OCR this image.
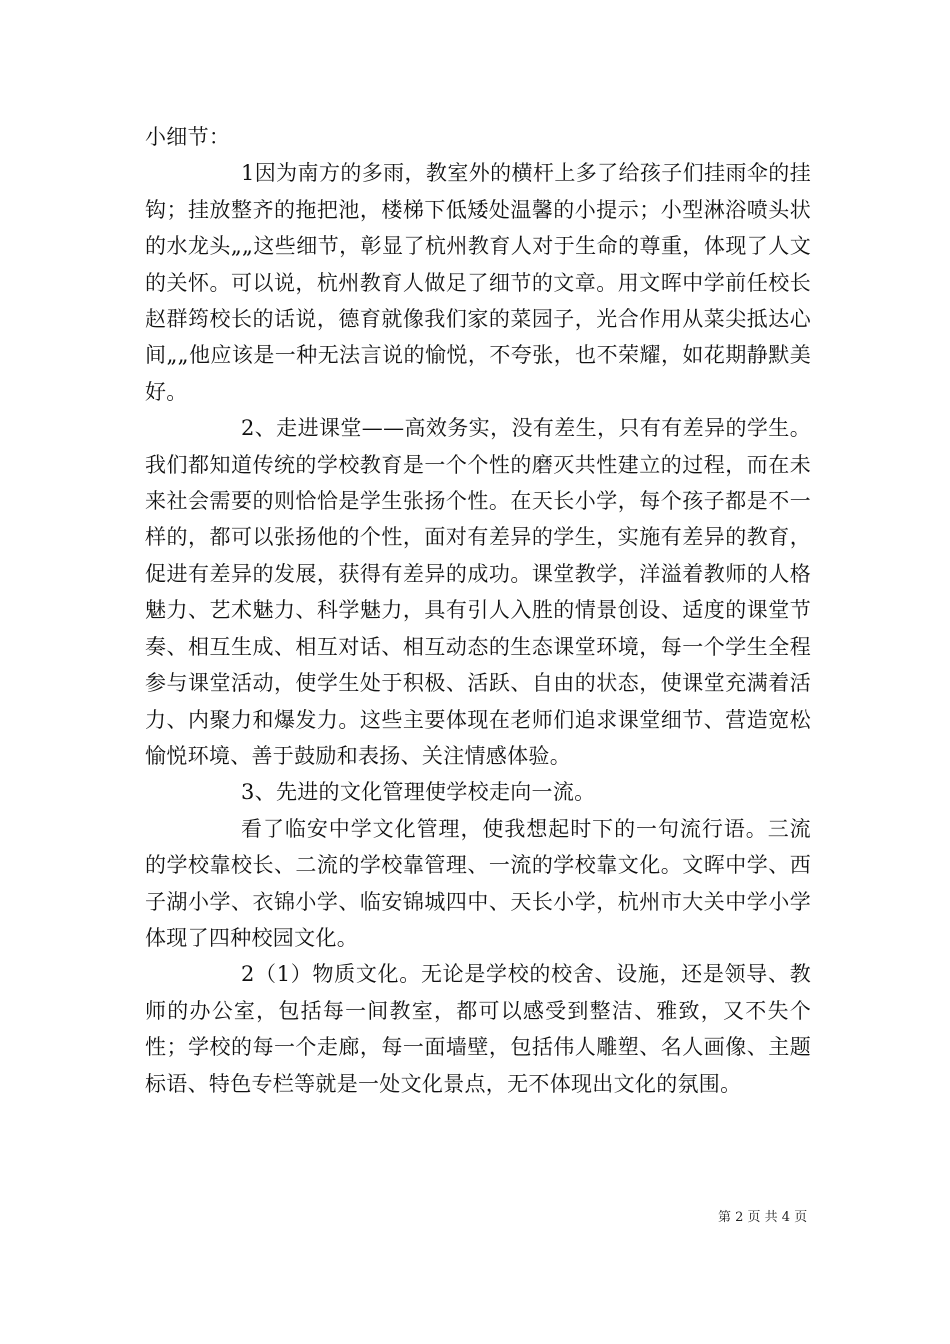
小细节：

1因为南方的多雨，教室外的横杆上多了给孩子们挂雨伞的挂钩；挂放整齐的拖把池，楼梯下低矮处温馨的小提示；小型淋浴喷头状的水龙头„„这些细节，彰显了杭州教育人对于生命的尊重，体现了人文的关怀。可以说，杭州教育人做足了细节的文章。用文晖中学前任校长赵群筠校长的话说，德育就像我们家的菜园子，光合作用从菜尖抵达心间„„他应该是一种无法言说的愉悦，不夸张，也不荣耀，如花期静默美好。

2、走进课堂——高效务实，没有差生，只有有差异的学生。我们都知道传统的学校教育是一个个性的磨灭共性建立的过程，而在未来社会需要的则恰恰是学生张扬个性。在天长小学，每个孩子都是不一样的，都可以张扬他的个性，面对有差异的学生，实施有差异的教育，促进有差异的发展，获得有差异的成功。课堂教学，洋溢着教师的人格魅力、艺术魅力、科学魅力，具有引人入胜的情景创设、适度的课堂节奏、相互生成、相互对话、相互动态的生态课堂环境，每一个学生全程参与课堂活动，使学生处于积极、活跃、自由的状态，使课堂充满着活力、内聚力和爆发力。这些主要体现在老师们追求课堂细节、营造宽松愉悦环境、善于鼓励和表扬、关注情感体验。

3、先进的文化管理使学校走向一流。

看了临安中学文化管理，使我想起时下的一句流行语。三流的学校靠校长、二流的学校靠管理、一流的学校靠文化。文晖中学、西子湖小学、衣锦小学、临安锦城四中、天长小学，杭州市大关中学小学体现了四种校园文化。

2（1）物质文化。无论是学校的校舍、设施，还是领导、教师的办公室，包括每一间教室，都可以感受到整洁、雅致，又不失个性；学校的每一个走廊，每一面墙壁，包括伟人雕塑、名人画像、主题标语、特色专栏等就是一处文化景点，无不体现出文化的氛围。

第 2 页 共 4 页
